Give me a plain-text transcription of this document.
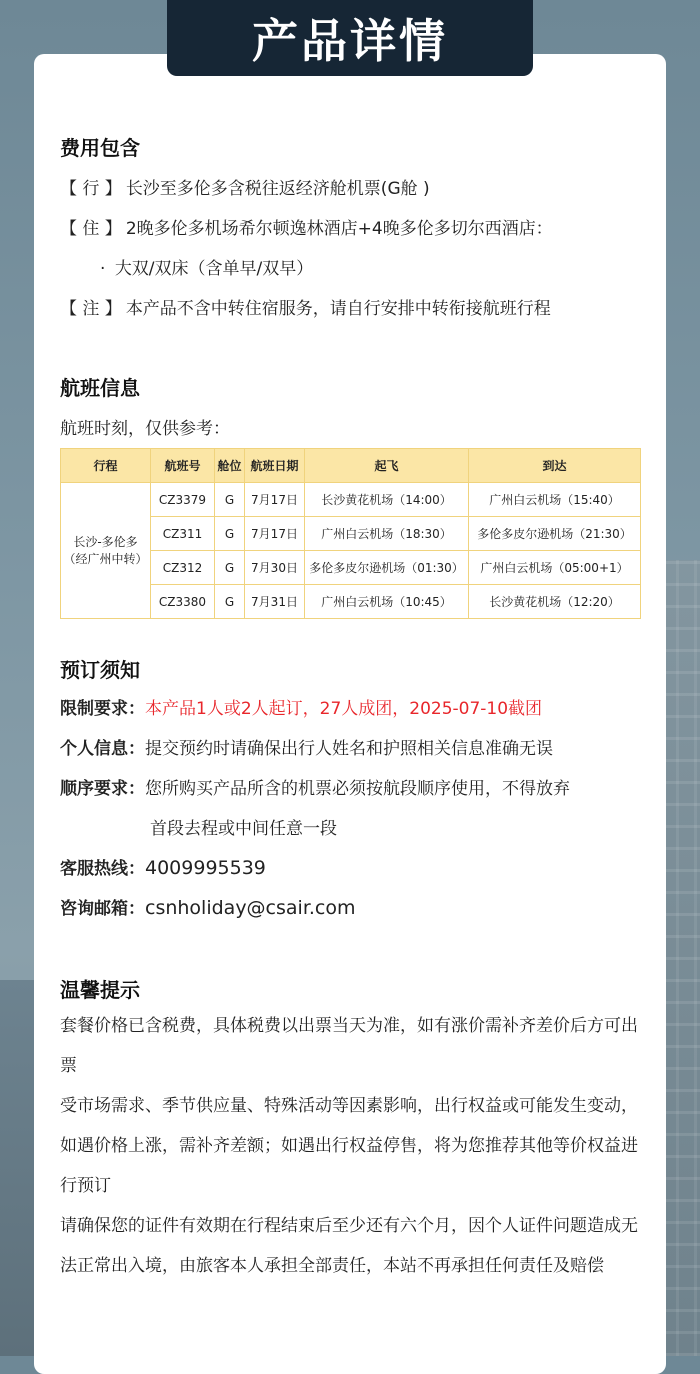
产品详情
费用包含
【 行 】 长沙至多伦多含税往返经济舱机票(G舱 )
【 住 】 2晚多伦多机场希尔顿逸林酒店+4晚多伦多切尔西酒店：
· 大双/双床（含单早/双早）
【 注 】 本产品不含中转住宿服务，请自行安排中转衔接航班行程
航班信息
航班时刻，仅供参考：
行程	航班号	舱位	航班日期	起飞	到达
长沙-多伦多
（经广州中转）	CZ3379	G	7月17日	长沙黄花机场（14:00）	广州白云机场（15:40）
	CZ311	G	7月17日	广州白云机场（18:30）	多伦多皮尔逊机场（21:30）
	CZ312	G	7月30日	多伦多皮尔逊机场（01:30）	广州白云机场（05:00+1）
	CZ3380	G	7月31日	广州白云机场（10:45）	长沙黄花机场（12:20）
预订须知
限制要求：本产品1人或2人起订，27人成团，2025-07-10截团
个人信息：提交预约时请确保出行人姓名和护照相关信息准确无误
顺序要求：您所购买产品所含的机票必须按航段顺序使用，不得放弃
首段去程或中间任意一段
客服热线：4009995539
咨询邮箱：csnholiday@csair.com
温馨提示
套餐价格已含税费，具体税费以出票当天为准，如有涨价需补齐差价后方可出票
受市场需求、季节供应量、特殊活动等因素影响，出行权益或可能发生变动，如遇价格上涨，需补齐差额；如遇出行权益停售，将为您推荐其他等价权益进行预订
请确保您的证件有效期在行程结束后至少还有六个月，因个人证件问题造成无法正常出入境，由旅客本人承担全部责任，本站不再承担任何责任及赔偿
